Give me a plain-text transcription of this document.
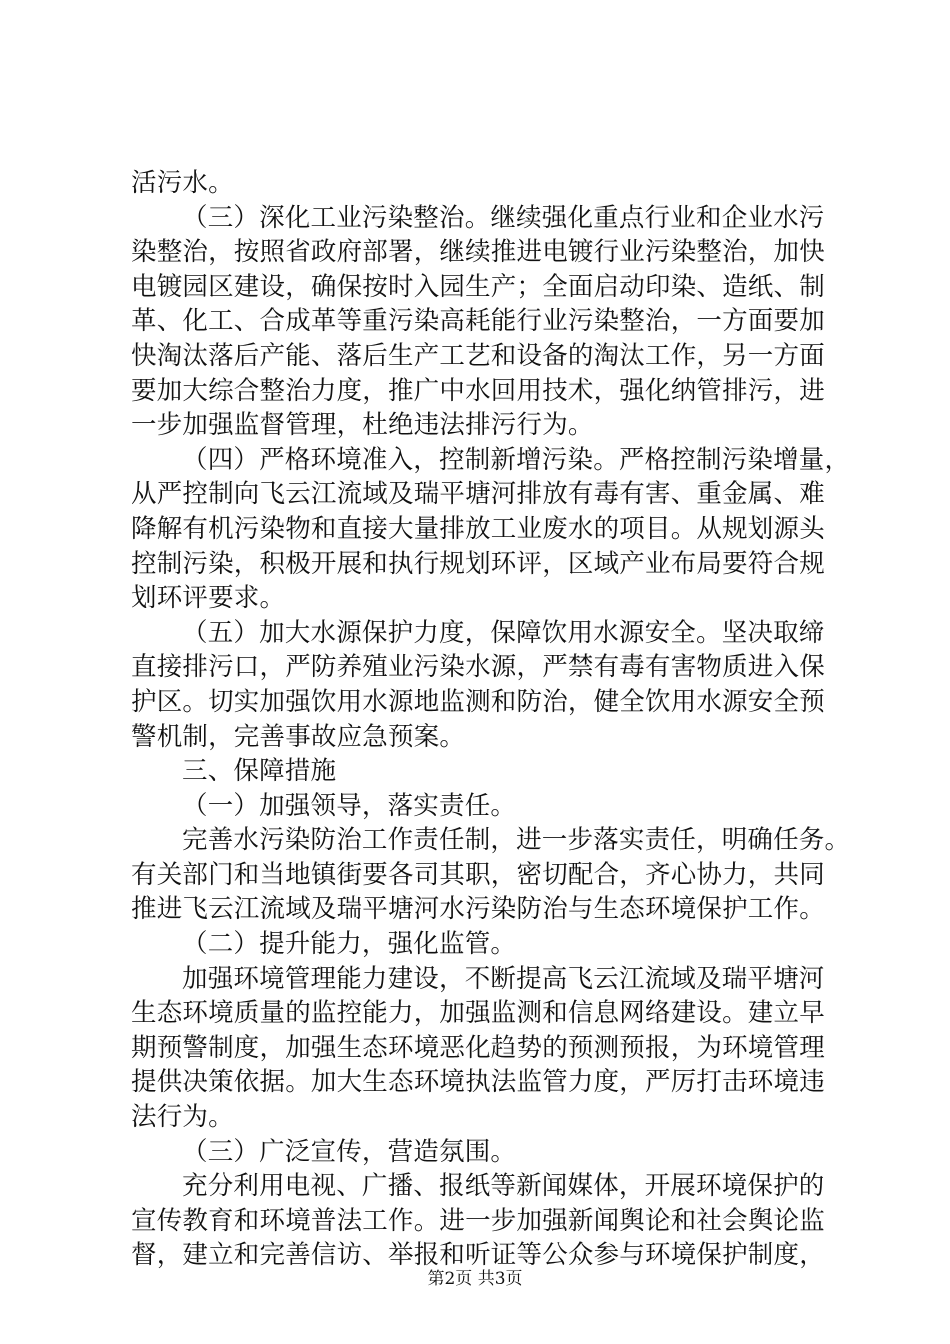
活污水。
（三）深化工业污染整治。继续强化重点行业和企业水污
染整治，按照省政府部署，继续推进电镀行业污染整治，加快
电镀园区建设，确保按时入园生产；全面启动印染、造纸、制
革、化工、合成革等重污染高耗能行业污染整治，一方面要加
快淘汰落后产能、落后生产工艺和设备的淘汰工作，另一方面
要加大综合整治力度，推广中水回用技术，强化纳管排污，进
一步加强监督管理，杜绝违法排污行为。
（四）严格环境准入，控制新增污染。严格控制污染增量，
从严控制向飞云江流域及瑞平塘河排放有毒有害、重金属、难
降解有机污染物和直接大量排放工业废水的项目。从规划源头
控制污染，积极开展和执行规划环评，区域产业布局要符合规
划环评要求。
（五）加大水源保护力度，保障饮用水源安全。坚决取缔
直接排污口，严防养殖业污染水源，严禁有毒有害物质进入保
护区。切实加强饮用水源地监测和防治，健全饮用水源安全预
警机制，完善事故应急预案。
三、保障措施
（一）加强领导，落实责任。
完善水污染防治工作责任制，进一步落实责任，明确任务。
有关部门和当地镇街要各司其职，密切配合，齐心协力，共同
推进飞云江流域及瑞平塘河水污染防治与生态环境保护工作。
（二）提升能力，强化监管。
加强环境管理能力建设，不断提高飞云江流域及瑞平塘河
生态环境质量的监控能力，加强监测和信息网络建设。建立早
期预警制度，加强生态环境恶化趋势的预测预报，为环境管理
提供决策依据。加大生态环境执法监管力度，严厉打击环境违
法行为。
（三）广泛宣传，营造氛围。
充分利用电视、广播、报纸等新闻媒体，开展环境保护的
宣传教育和环境普法工作。进一步加强新闻舆论和社会舆论监
督，建立和完善信访、举报和听证等公众参与环境保护制度，
第2页 共3页
